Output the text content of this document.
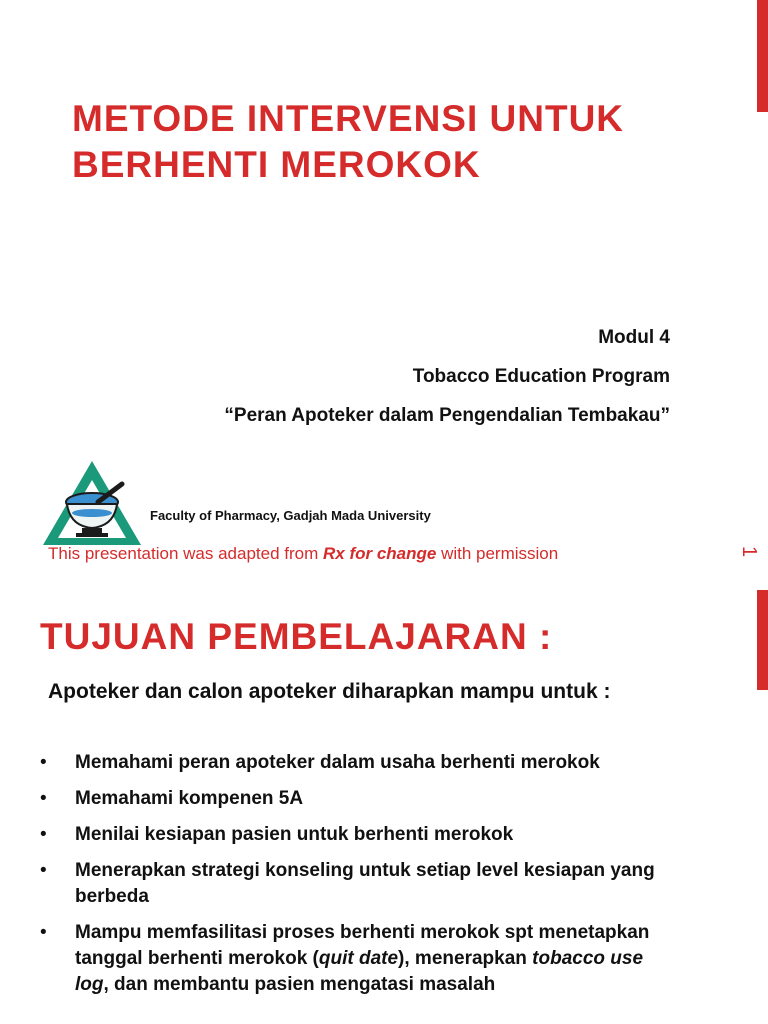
METODE INTERVENSI UNTUK
BERHENTI MEROKOK
Modul 4
Tobacco Education Program
“Peran Apoteker dalam Pengendalian Tembakau”
Faculty of Pharmacy, Gadjah Mada University
This presentation was adapted from Rx for change with permission	1
TUJUAN PEMBELAJARAN :
Apoteker dan calon apoteker diharapkan mampu untuk :
• Memahami peran apoteker dalam usaha berhenti merokok
• Memahami kompenen 5A
• Menilai kesiapan pasien untuk berhenti merokok
• Menerapkan strategi konseling untuk setiap level kesiapan yang berbeda
• Mampu memfasilitasi proses berhenti merokok spt menetapkan tanggal berhenti merokok (quit date), menerapkan tobacco use log, dan membantu pasien mengatasi masalah
